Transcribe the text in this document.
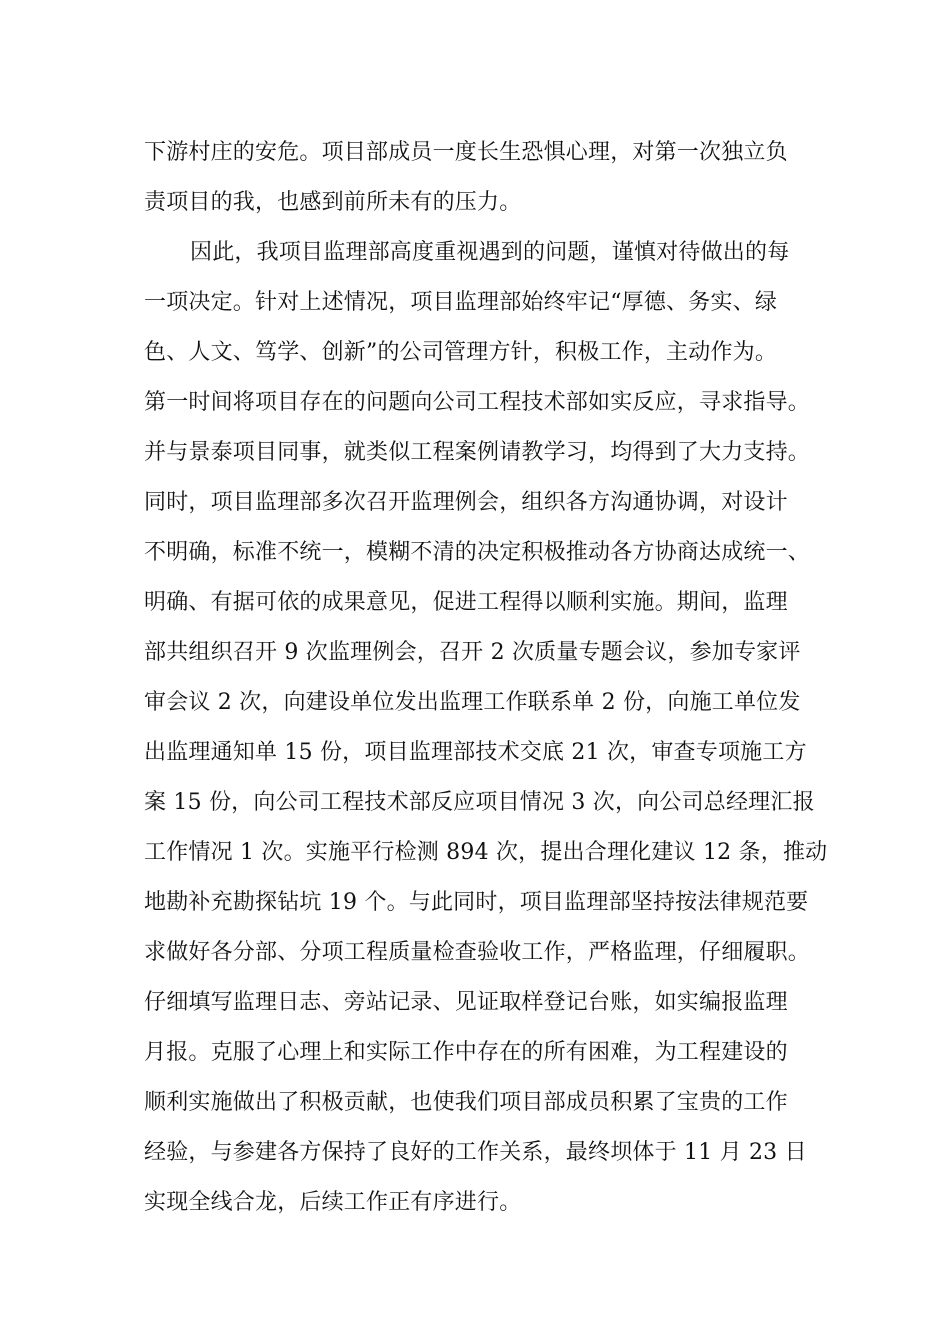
下游村庄的安危。项目部成员一度长生恐惧心理，对第一次独立负
责项目的我，也感到前所未有的压力。
因此，我项目监理部高度重视遇到的问题，谨慎对待做出的每
一项决定。针对上述情况，项目监理部始终牢记“厚德、务实、绿
色、人文、笃学、创新”的公司管理方针，积极工作，主动作为。
第一时间将项目存在的问题向公司工程技术部如实反应，寻求指导。
并与景泰项目同事，就类似工程案例请教学习，均得到了大力支持。
同时，项目监理部多次召开监理例会，组织各方沟通协调，对设计
不明确，标准不统一，模糊不清的决定积极推动各方协商达成统一、
明确、有据可依的成果意见，促进工程得以顺利实施。期间，监理
部共组织召开 9 次监理例会，召开 2 次质量专题会议，参加专家评
审会议 2 次，向建设单位发出监理工作联系单 2 份，向施工单位发
出监理通知单 15 份，项目监理部技术交底 21 次，审查专项施工方
案 15 份，向公司工程技术部反应项目情况 3 次，向公司总经理汇报
工作情况 1 次。实施平行检测 894 次，提出合理化建议 12 条，推动
地勘补充勘探钻坑 19 个。与此同时，项目监理部坚持按法律规范要
求做好各分部、分项工程质量检查验收工作，严格监理，仔细履职。
仔细填写监理日志、旁站记录、见证取样登记台账，如实编报监理
月报。克服了心理上和实际工作中存在的所有困难，为工程建设的
顺利实施做出了积极贡献，也使我们项目部成员积累了宝贵的工作
经验，与参建各方保持了良好的工作关系，最终坝体于 11 月 23 日
实现全线合龙，后续工作正有序进行。
